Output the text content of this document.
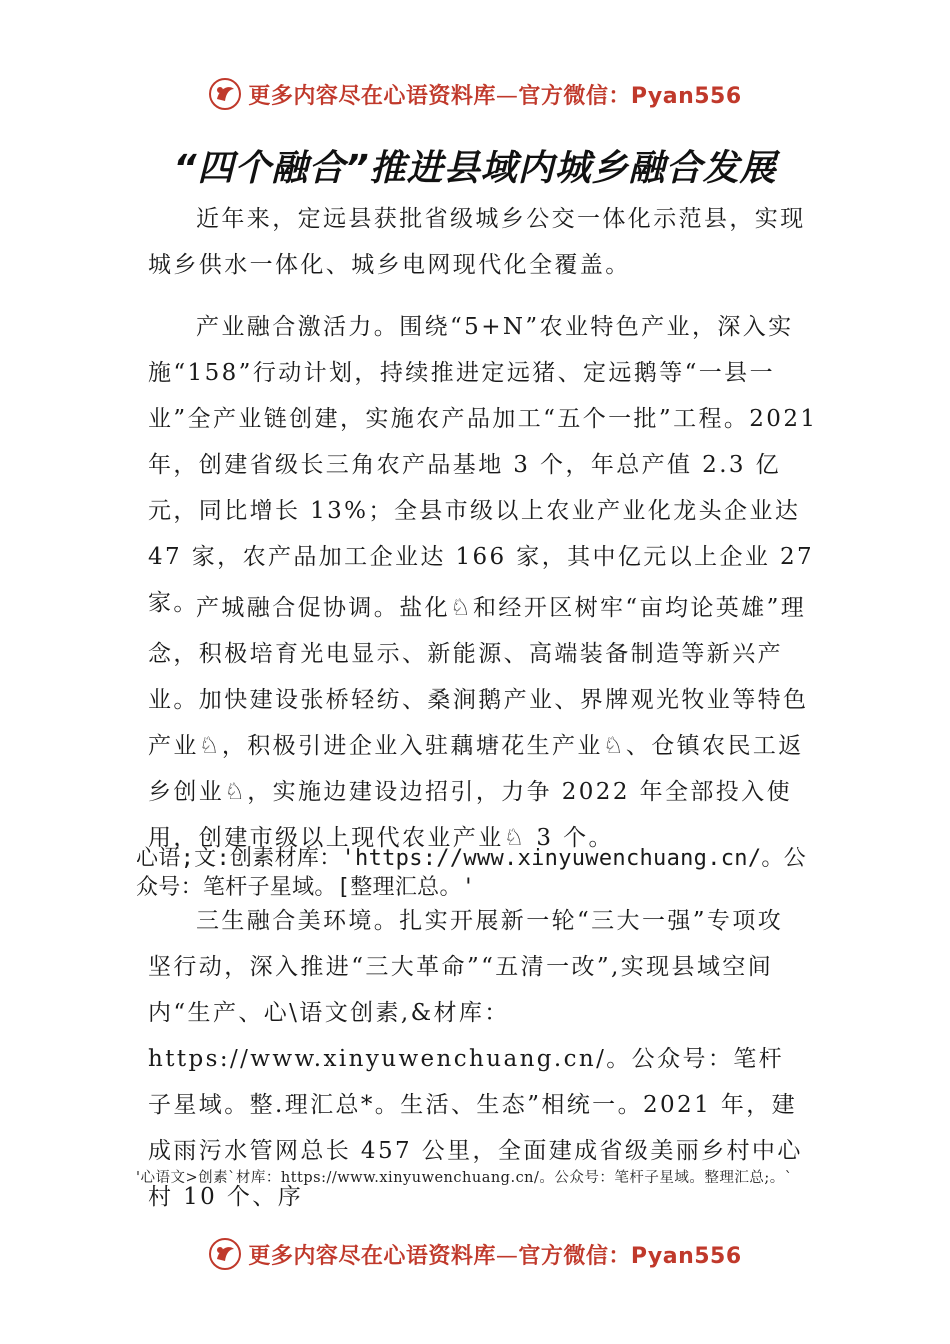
更多内容尽在心语资料库—官方微信：Pyan556
“四个融合”推进县域内城乡融合发展

近年来，定远县获批省级城乡公交一体化示范县，实现城乡供水一体化、城乡电网现代化全覆盖。

产业融合激活力。围绕“5+N”农业特色产业，深入实施“158”行动计划，持续推进定远猪、定远鹅等“一县一业”全产业链创建，实施农产品加工“五个一批”工程。2021年，创建省级长三角农产品基地 3 个，年总产值 2.3 亿元，同比增长 13%；全县市级以上农业产业化龙头企业达 47 家，农产品加工企业达 166 家，其中亿元以上企业 27 家。

产城融合促协调。盐化♘和经开区树牢“亩均论英雄”理念，积极培育光电显示、新能源、高端装备制造等新兴产业。加快建设张桥轻纺、桑涧鹅产业、界牌观光牧业等特色产业♘，积极引进企业入驻藕塘花生产业♘、仓镇农民工返乡创业♘，实施边建设边招引，力争 2022 年全部投入使用，创建市级以上现代农业产业♘ 3 个。

心语;文:创素材库：'https://www.xinyuwenchuang.cn/。公众号：笔杆子星域。[整理汇总。'

三生融合美环境。扎实开展新一轮“三大一强”专项攻坚行动，深入推进“三大革命”“五清一改”,实现县域空间内“生产、心\语文创素,&材库：https://www.xinyuwenchuang.cn/。公众号：笔杆子星域。整.理汇总*。生活、生态”相统一。2021 年，建成雨污水管网总长 457 公里，全面建成省级美丽乡村中心村 10 个、序

'心语文>创素`材库：https://www.xinyuwenchuang.cn/。公众号：笔杆子星域。整理汇总;。`

更多内容尽在心语资料库—官方微信：Pyan556
